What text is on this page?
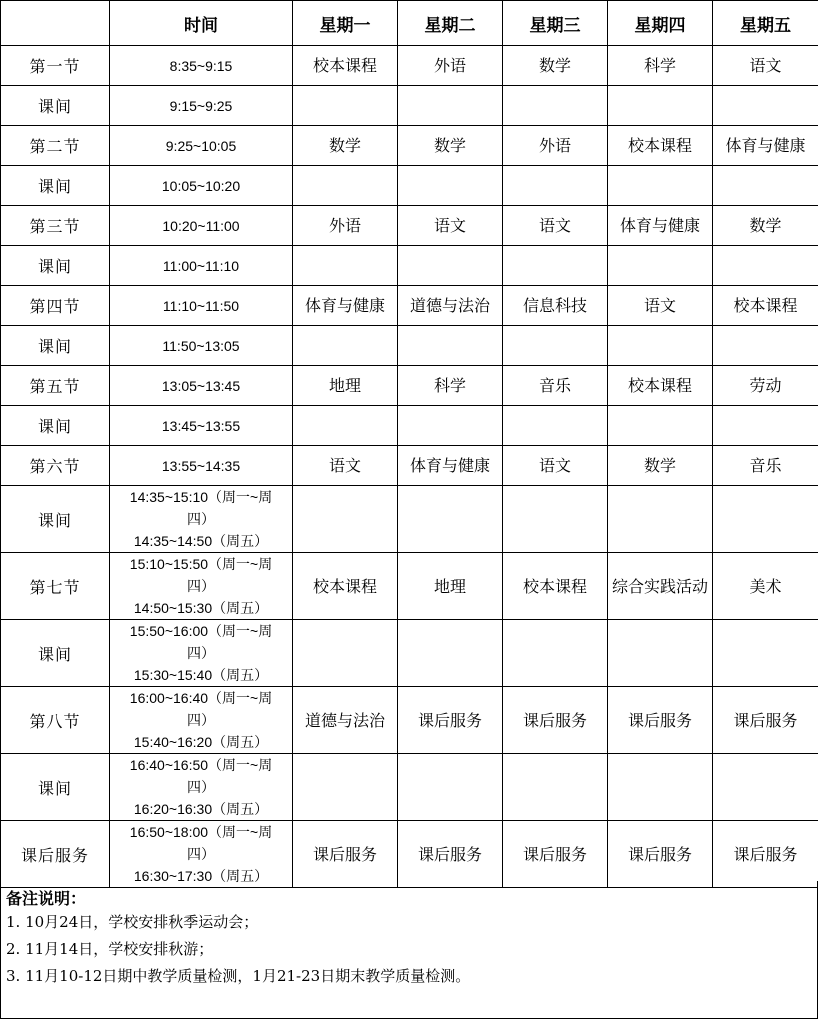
	时间	星期一	星期二	星期三	星期四	星期五
第一节	8:35~9:15	校本课程	外语	数学	科学	语文
课间	9:15~9:25					

第二节	9:25~10:05	数学	数学	外语	校本课程	体育与健康
课间	10:05~10:20					

第三节	10:20~11:00	外语	语文	语文	体育与健康	数学
课间	11:00~11:10					

第四节	11:10~11:50	体育与健康	道德与法治	信息科技	语文	校本课程
课间	11:50~13:05					

第五节	13:05~13:45	地理	科学	音乐	校本课程	劳动
课间	13:45~13:55					

第六节	13:55~14:35	语文	体育与健康	语文	数学	音乐
课间	14:35~15:10（周一~周
四）
14:35~14:50（周五）					

第七节	15:10~15:50（周一~周
四）
14:50~15:30（周五）	校本课程	地理	校本课程	综合实践活动	美术
课间	15:50~16:00（周一~周
四）
15:30~15:40（周五）					

第八节	16:00~16:40（周一~周
四）
15:40~16:20（周五）	道德与法治	课后服务	课后服务	课后服务	课后服务
课间	16:40~16:50（周一~周
四）
16:20~16:30（周五）					

课后服务	16:50~18:00（周一~周
四）
16:30~17:30（周五）	课后服务	课后服务	课后服务	课后服务	课后服务
备注说明：
1. 10月24日，学校安排秋季运动会；
2. 11月14日，学校安排秋游；
3. 11月10-12日期中教学质量检测，1月21-23日期末教学质量检测。
